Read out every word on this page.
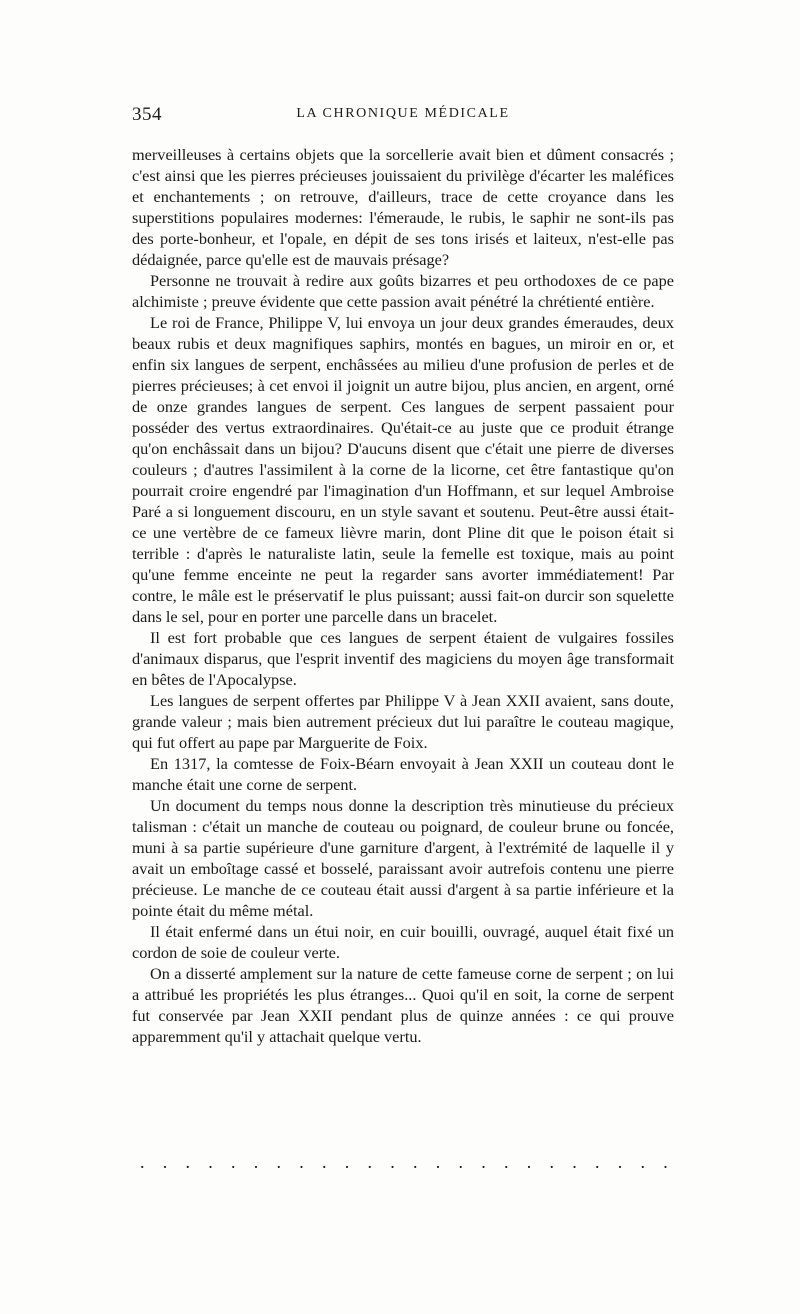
354	LA CHRONIQUE MÉDICALE

merveilleuses à certains objets que la sorcellerie avait bien et dûment consacrés ; c'est ainsi que les pierres précieuses jouissaient du privilège d'écarter les maléfices et enchantements ; on retrouve, d'ailleurs, trace de cette croyance dans les superstitions populaires modernes: l'émeraude, le rubis, le saphir ne sont-ils pas des porte-bonheur, et l'opale, en dépit de ses tons irisés et laiteux, n'est-elle pas dédaignée, parce qu'elle est de mauvais présage?

Personne ne trouvait à redire aux goûts bizarres et peu orthodoxes de ce pape alchimiste ; preuve évidente que cette passion avait pénétré la chrétienté entière.

Le roi de France, Philippe V, lui envoya un jour deux grandes émeraudes, deux beaux rubis et deux magnifiques saphirs, montés en bagues, un miroir en or, et enfin six langues de serpent, enchâssées au milieu d'une profusion de perles et de pierres précieuses; à cet envoi il joignit un autre bijou, plus ancien, en argent, orné de onze grandes langues de serpent. Ces langues de serpent passaient pour posséder des vertus extraordinaires. Qu'était-ce au juste que ce produit étrange qu'on enchâssait dans un bijou? D'aucuns disent que c'était une pierre de diverses couleurs ; d'autres l'assimilent à la corne de la licorne, cet être fantastique qu'on pourrait croire engendré par l'imagination d'un Hoffmann, et sur lequel Ambroise Paré a si longuement discouru, en un style savant et soutenu. Peut-être aussi était-ce une vertèbre de ce fameux lièvre marin, dont Pline dit que le poison était si terrible : d'après le naturaliste latin, seule la femelle est toxique, mais au point qu'une femme enceinte ne peut la regarder sans avorter immédiatement! Par contre, le mâle est le préservatif le plus puissant; aussi fait-on durcir son squelette dans le sel, pour en porter une parcelle dans un bracelet.

Il est fort probable que ces langues de serpent étaient de vulgaires fossiles d'animaux disparus, que l'esprit inventif des magiciens du moyen âge transformait en bêtes de l'Apocalypse.

Les langues de serpent offertes par Philippe V à Jean XXII avaient, sans doute, grande valeur ; mais bien autrement précieux dut lui paraître le couteau magique, qui fut offert au pape par Marguerite de Foix.

En 1317, la comtesse de Foix-Béarn envoyait à Jean XXII un couteau dont le manche était une corne de serpent.

Un document du temps nous donne la description très minutieuse du précieux talisman : c'était un manche de couteau ou poignard, de couleur brune ou foncée, muni à sa partie supérieure d'une garniture d'argent, à l'extrémité de laquelle il y avait un emboîtage cassé et bosselé, paraissant avoir autrefois contenu une pierre précieuse. Le manche de ce couteau était aussi d'argent à sa partie inférieure et la pointe était du même métal.

Il était enfermé dans un étui noir, en cuir bouilli, ouvragé, auquel était fixé un cordon de soie de couleur verte.

On a disserté amplement sur la nature de cette fameuse corne de serpent ; on lui a attribué les propriétés les plus étranges... Quoi qu'il en soit, la corne de serpent fut conservée par Jean XXII pendant plus de quinze années : ce qui prouve apparemment qu'il y attachait quelque vertu.

. . . . . . . . . . . . . . . . . . . . . . . .
